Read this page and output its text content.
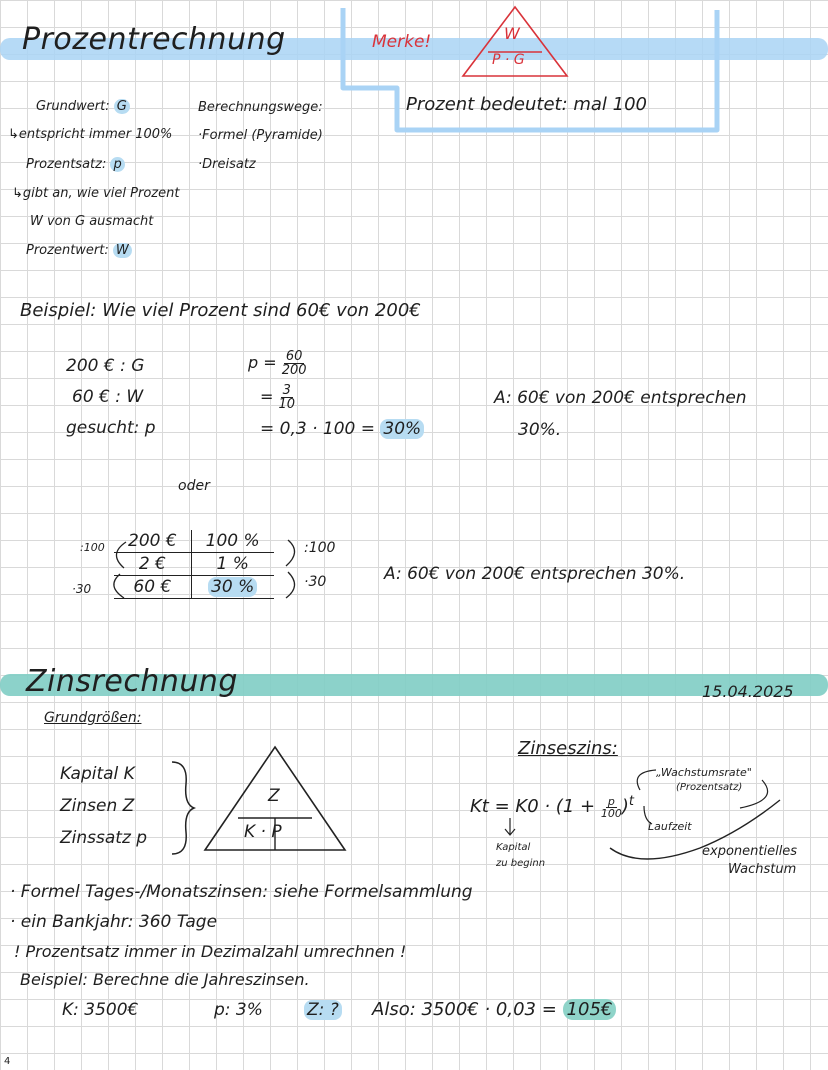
Prozentrechnung	Merke!	W
P · G
Prozent bedeutet: mal 100
Grundwert: G
↳entspricht immer 100%
Prozentsatz: p
↳gibt an, wie viel Prozent
W von G ausmacht
Prozentwert: W
Berechnungswege:
·Formel (Pyramide)
·Dreisatz
Beispiel: Wie viel Prozent sind 60€ von 200€
200 € : G
60 € : W
gesucht: p
$p = \frac{60}{200}$
= $\frac{3}{10}$
= 0,3 · 100 = 30%
A: 60€ von 200€ entsprechen
30%.
oder
200 €	100 %
2 €	1 %
60 €	30 %
:100
·30
:100
·30	A: 60€ von 200€ entsprechen 30%.
Zinsrechnung	15.04.2025
Grundgrößen:
Kapital K
Zinsen Z
Zinssatz p
Z
K · P
Zinseszins:
$Kt = K0 \cdot (1 + \frac{p}{100} )^t$
„Wachstumsrate"
(Prozentsatz)
Laufzeit
Kapital
zu beginn
exponentielles
Wachstum
· Formel Tages-/Monatszinsen: siehe Formelsammlung
· ein Bankjahr: 360 Tage
! Prozentsatz immer in Dezimalzahl umrechnen !
Beispiel: Berechne die Jahreszinsen.
K: 3500€	p: 3%	Z: ? Also: 3500€ · 0,03 = 105€
4
